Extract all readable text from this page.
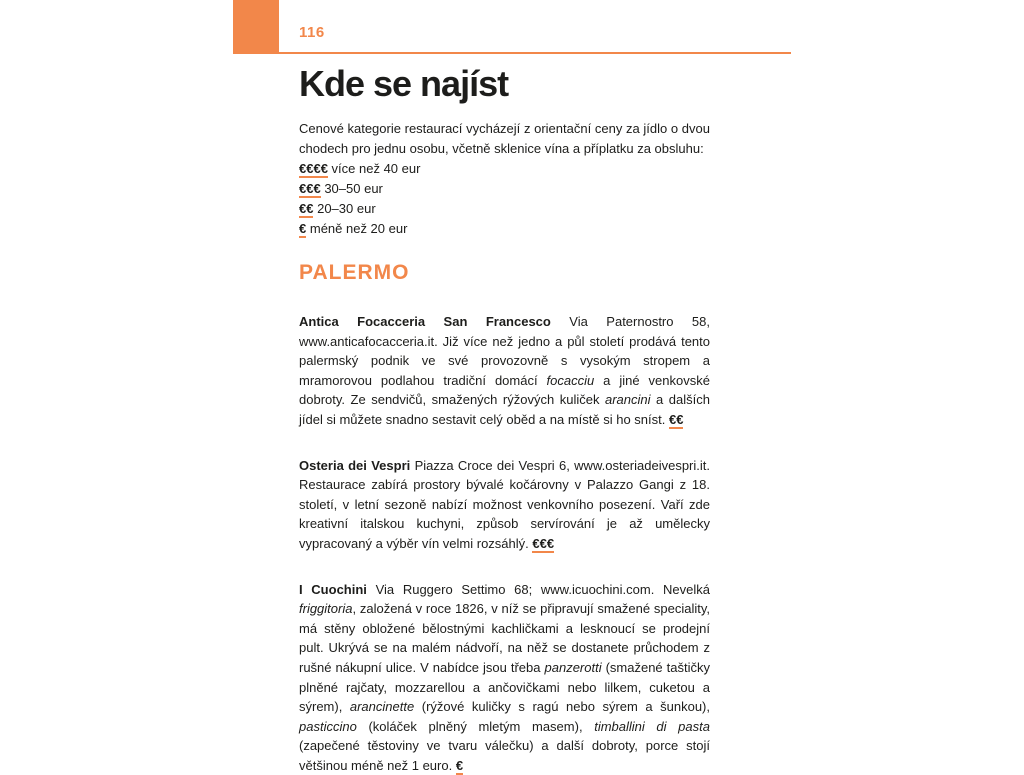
116
Kde se najíst

Cenové kategorie restaurací vycházejí z orientační ceny za jídlo o dvou chodech pro jednu osobu, včetně sklenice vína a příplatku za obsluhu:

€€€€ více než 40 eur
€€€ 30–50 eur
€€ 20–30 eur
€ méně než 20 eur
PALERMO
Antica Focacceria San Francesco Via Paternostro 58, www.anticafocacceria.it. Již více než jedno a půl století prodává tento palermský podnik ve své provozovně s vysokým stropem a mramorovou podlahou tradiční domácí focacciu a jiné venkovské dobroty. Ze sendvičů, smažených rýžových kuliček arancini a dalších jídel si můžete snadno sestavit celý oběd a na místě si ho sníst. €€
Osteria dei Vespri Piazza Croce dei Vespri 6, www.osteriadeivespri.it. Restaurace zabírá prostory bývalé kočárovny v Palazzo Gangi z 18. století, v letní sezoně nabízí možnost venkovního posezení. Vaří zde kreativní italskou kuchyni, způsob servírování je až umělecky vypracovaný a výběr vín velmi rozsáhlý. €€€
I Cuochini Via Ruggero Settimo 68; www.icuochini.com. Nevelká friggitoria, založená v roce 1826, v níž se připravují smažené speciality, má stěny obložené bělostnými kachličkami a lesknoucí se prodejní pult. Ukrývá se na malém nádvoří, na něž se dostanete průchodem z rušné nákupní ulice. V nabídce jsou třeba panzerotti (smažené taštičky plněné rajčaty, mozzarellou a ančovičkami nebo lilkem, cuketou a sýrem), arancinette (rýžové kuličky s ragú nebo sýrem a šunkou), pasticcino (koláček plněný mletým masem), timballini di pasta (zapečené těstoviny ve tvaru válečku) a další dobroty, porce stojí většinou méně než 1 euro. €
